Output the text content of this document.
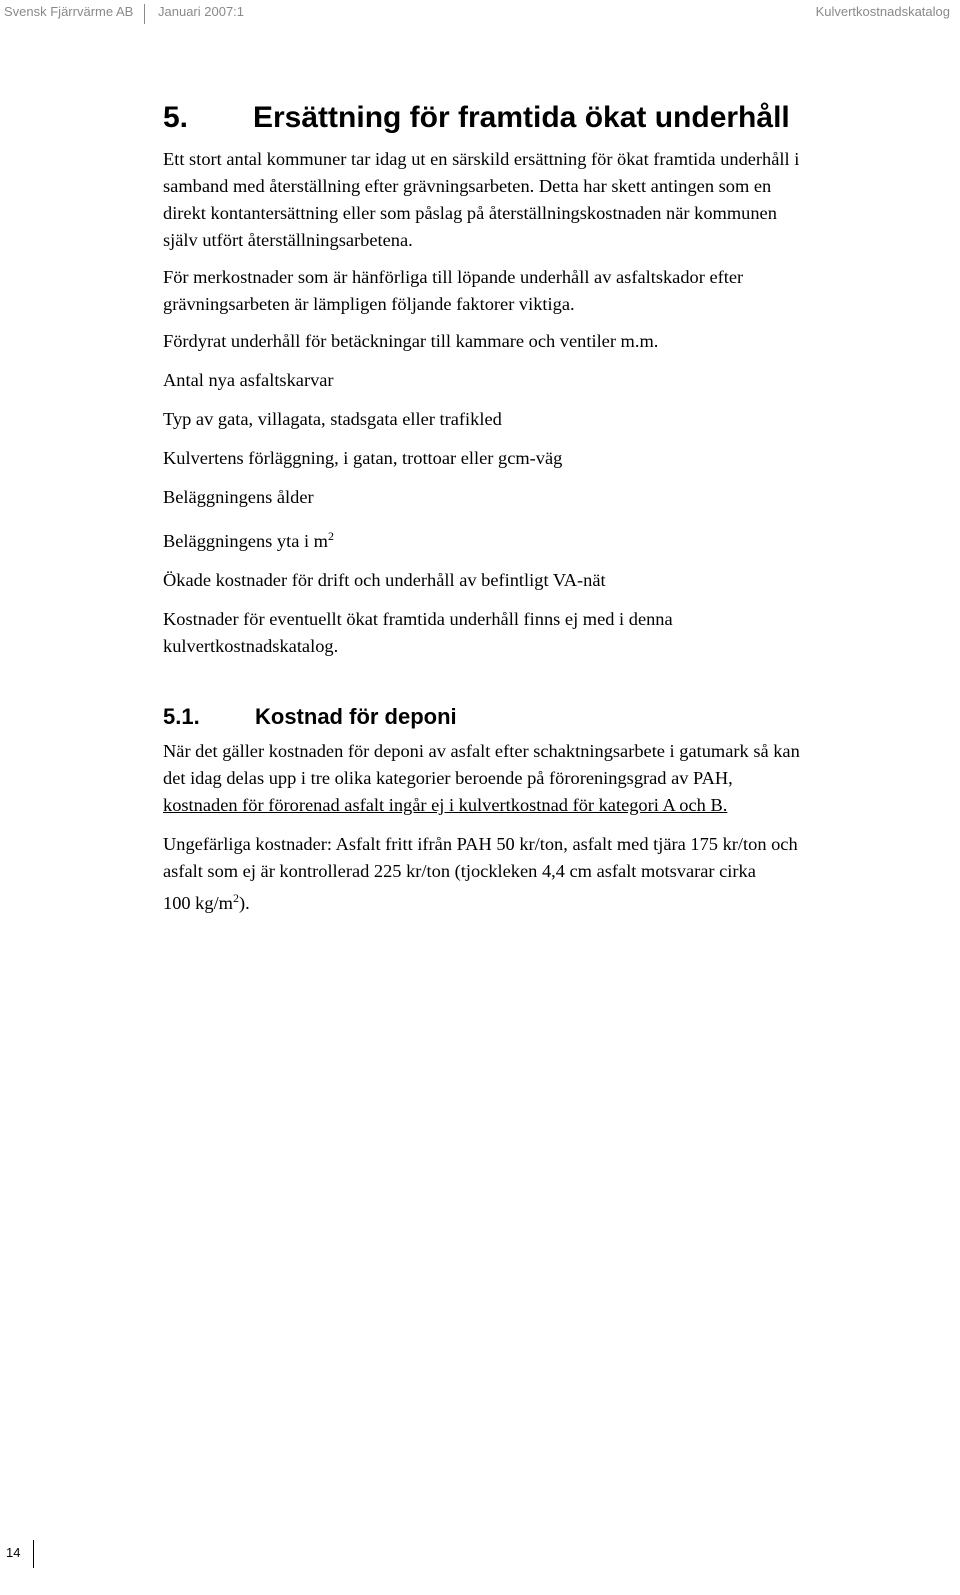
Svensk Fjärrvärme AB Januari 2007:1	Kulvertkostnadskatalog
5. Ersättning för framtida ökat underhåll

Ett stort antal kommuner tar idag ut en särskild ersättning för ökat framtida underhåll i

samband med återställning efter grävningsarbeten. Detta har skett antingen som en

direkt kontantersättning eller som påslag på återställningskostnaden när kommunen

själv utfört återställningsarbetena.

För merkostnader som är hänförliga till löpande underhåll av asfaltskador efter

grävningsarbeten är lämpligen följande faktorer viktiga.

Fördyrat underhåll för betäckningar till kammare och ventiler m.m.

Antal nya asfaltskarvar

Typ av gata, villagata, stadsgata eller trafikled

Kulvertens förläggning, i gatan, trottoar eller gcm-väg

Beläggningens ålder

Beläggningens yta i $m^2$

Ökade kostnader för drift och underhåll av befintligt VA-nät

Kostnader för eventuellt ökat framtida underhåll finns ej med i denna

kulvertkostnadskatalog.

5.1.	Kostnad för deponi

När det gäller kostnaden för deponi av asfalt efter schaktningsarbete i gatumark så kan

det idag delas upp i tre olika kategorier beroende på föroreningsgrad av PAH,

kostnaden för förorenad asfalt ingår ej i kulvertkostnad för kategori A och B.

Ungefärliga kostnader: Asfalt fritt ifrån PAH 50 kr/ton, asfalt med tjära 175 kr/ton och

asfalt som ej är kontrollerad 225 kr/ton (tjockleken 4,4 cm asfalt motsvarar cirka

100 $kg/m^2$).

14
